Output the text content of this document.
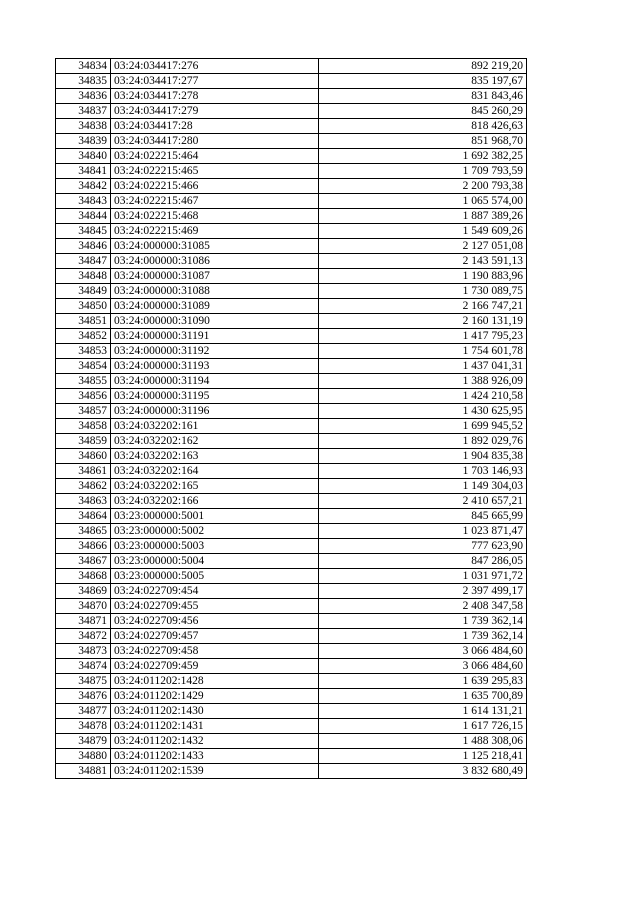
34834	03:24:034417:276	892 219,20
34835	03:24:034417:277	835 197,67
34836	03:24:034417:278	831 843,46
34837	03:24:034417:279	845 260,29
34838	03:24:034417:28	818 426,63
34839	03:24:034417:280	851 968,70
34840	03:24:022215:464	1 692 382,25
34841	03:24:022215:465	1 709 793,59
34842	03:24:022215:466	2 200 793,38
34843	03:24:022215:467	1 065 574,00
34844	03:24:022215:468	1 887 389,26
34845	03:24:022215:469	1 549 609,26
34846	03:24:000000:31085	2 127 051,08
34847	03:24:000000:31086	2 143 591,13
34848	03:24:000000:31087	1 190 883,96
34849	03:24:000000:31088	1 730 089,75
34850	03:24:000000:31089	2 166 747,21
34851	03:24:000000:31090	2 160 131,19
34852	03:24:000000:31191	1 417 795,23
34853	03:24:000000:31192	1 754 601,78
34854	03:24:000000:31193	1 437 041,31
34855	03:24:000000:31194	1 388 926,09
34856	03:24:000000:31195	1 424 210,58
34857	03:24:000000:31196	1 430 625,95
34858	03:24:032202:161	1 699 945,52
34859	03:24:032202:162	1 892 029,76
34860	03:24:032202:163	1 904 835,38
34861	03:24:032202:164	1 703 146,93
34862	03:24:032202:165	1 149 304,03
34863	03:24:032202:166	2 410 657,21
34864	03:23:000000:5001	845 665,99
34865	03:23:000000:5002	1 023 871,47
34866	03:23:000000:5003	777 623,90
34867	03:23:000000:5004	847 286,05
34868	03:23:000000:5005	1 031 971,72
34869	03:24:022709:454	2 397 499,17
34870	03:24:022709:455	2 408 347,58
34871	03:24:022709:456	1 739 362,14
34872	03:24:022709:457	1 739 362,14
34873	03:24:022709:458	3 066 484,60
34874	03:24:022709:459	3 066 484,60
34875	03:24:011202:1428	1 639 295,83
34876	03:24:011202:1429	1 635 700,89
34877	03:24:011202:1430	1 614 131,21
34878	03:24:011202:1431	1 617 726,15
34879	03:24:011202:1432	1 488 308,06
34880	03:24:011202:1433	1 125 218,41
34881	03:24:011202:1539	3 832 680,49
